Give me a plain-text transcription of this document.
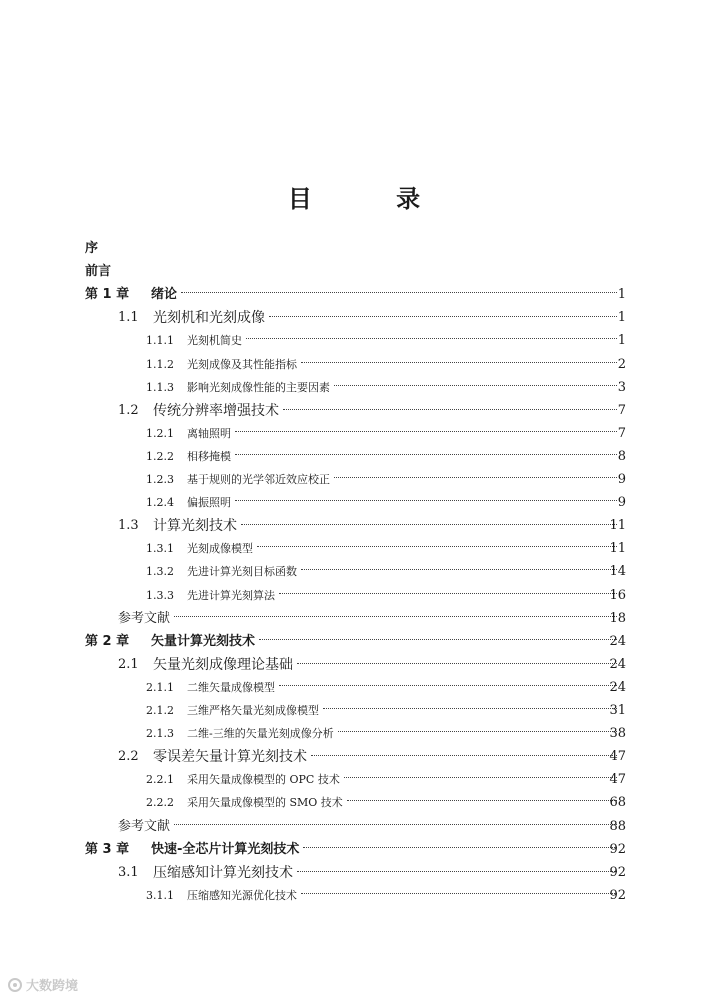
目 录
序
前言
第 1 章 绪论	1
1.1 光刻机和光刻成像	1
1.1.1 光刻机简史	1
1.1.2 光刻成像及其性能指标	2
1.1.3 影响光刻成像性能的主要因素	3
1.2 传统分辨率增强技术	7
1.2.1 离轴照明	7
1.2.2 相移掩模	8
1.2.3 基于规则的光学邻近效应校正	9
1.2.4 偏振照明	9
1.3 计算光刻技术	11
1.3.1 光刻成像模型	11
1.3.2 先进计算光刻目标函数	14
1.3.3 先进计算光刻算法	16
参考文献	18
第 2 章 矢量计算光刻技术	24
2.1 矢量光刻成像理论基础	24
2.1.1 二维矢量成像模型	24
2.1.2 三维严格矢量光刻成像模型	31
2.1.3 二维-三维的矢量光刻成像分析	38
2.2 零误差矢量计算光刻技术	47
2.2.1 采用矢量成像模型的 OPC 技术	47
2.2.2 采用矢量成像模型的 SMO 技术	68
参考文献	88
第 3 章 快速-全芯片计算光刻技术	92
3.1 压缩感知计算光刻技术	92
3.1.1 压缩感知光源优化技术	92
大数跨境
